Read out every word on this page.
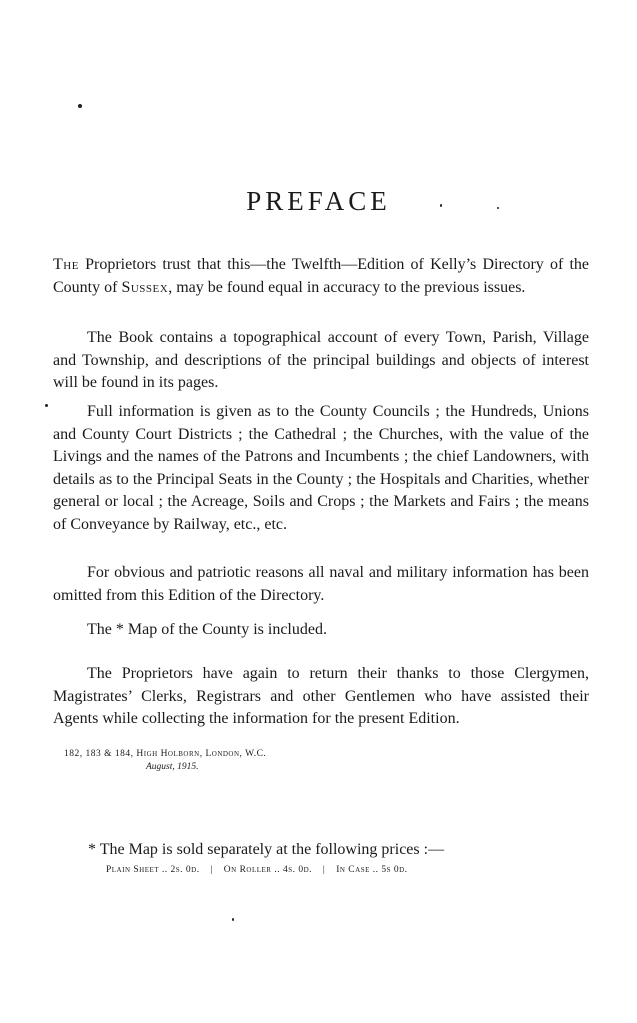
PREFACE

The Proprietors trust that this—the Twelfth—Edition of Kelly’s Directory of the County of Sussex, may be found equal in accuracy to the previous issues.

The Book contains a topographical account of every Town, Parish, Village and Township, and descriptions of the principal buildings and objects of interest will be found in its pages.

Full information is given as to the County Councils ; the Hundreds, Unions and County Court Districts ; the Cathedral ; the Churches, with the value of the Livings and the names of the Patrons and Incumbents ; the chief Landowners, with details as to the Principal Seats in the County ; the Hospitals and Charities, whether general or local ; the Acreage, Soils and Crops ; the Markets and Fairs ; the means of Conveyance by Railway, etc., etc.

For obvious and patriotic reasons all naval and military information has been omitted from this Edition of the Directory.

The * Map of the County is included.

The Proprietors have again to return their thanks to those Clergymen, Magistrates’ Clerks, Registrars and other Gentlemen who have assisted their Agents while collecting the information for the present Edition.

182, 183 & 184, High Holborn, London, W.C.
August, 1915.

* The Map is sold separately at the following prices :—

Plain Sheet .. 2s. 0d. | On Roller .. 4s. 0d. | In Case .. 5s 0d.
